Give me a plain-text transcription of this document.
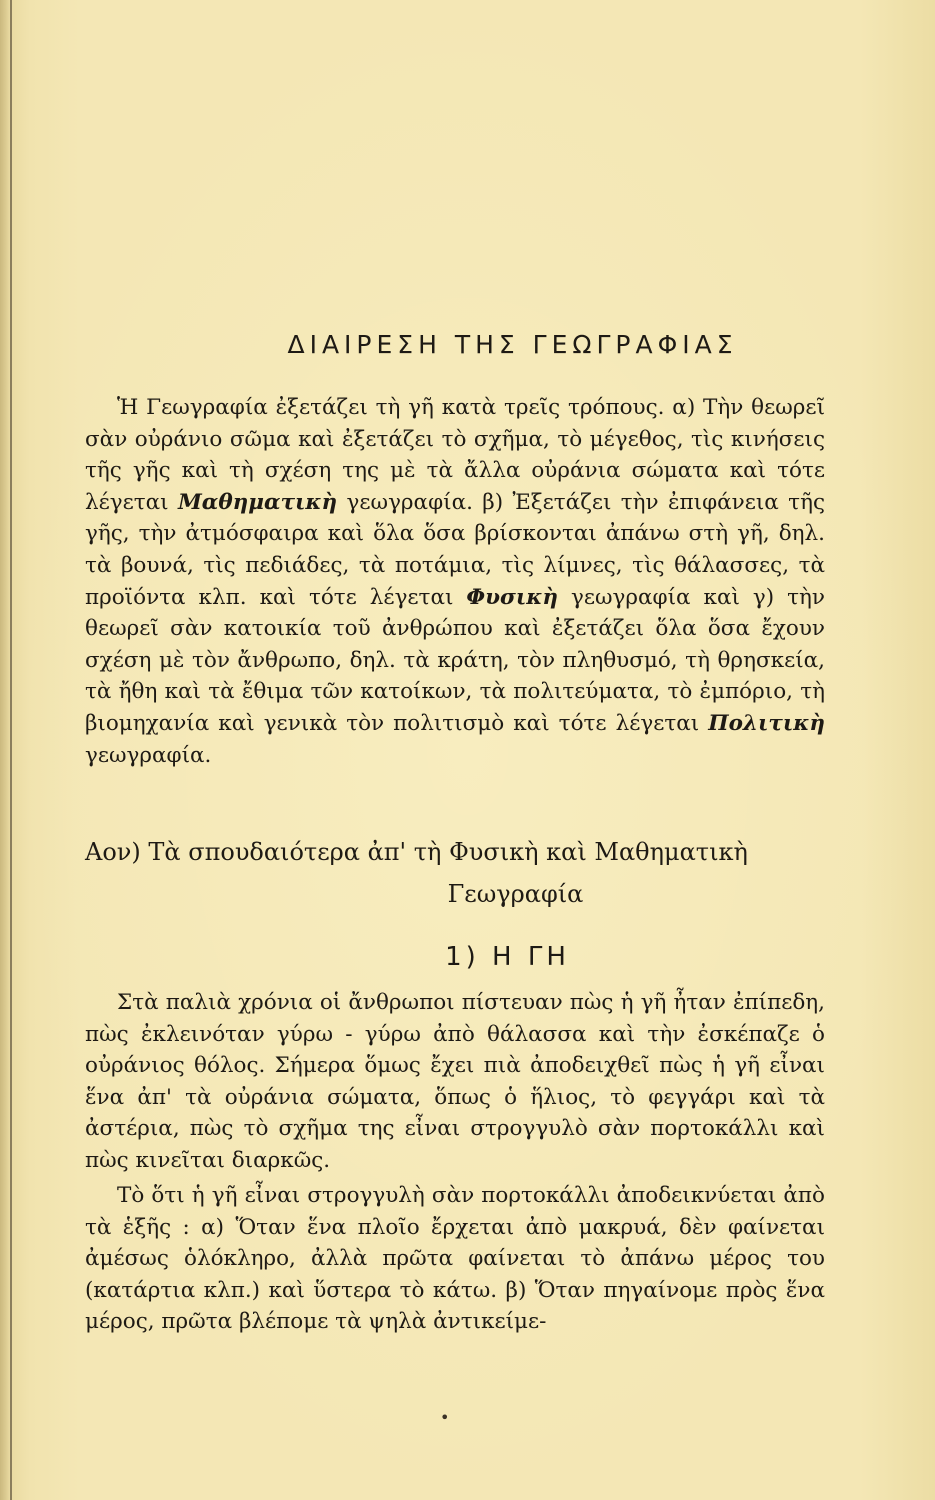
ΔΙΑΙΡΕΣΗ ΤΗΣ ΓΕΩΓΡΑΦΙΑΣ

Ἡ Γεωγραφία ἐξετάζει τὴ γῆ κατὰ τρεῖς τρόπους. α) Τὴν θεωρεῖ σὰν οὐράνιο σῶμα καὶ ἐξετάζει τὸ σχῆμα, τὸ μέγεθος, τὶς κινήσεις τῆς γῆς καὶ τὴ σχέση της μὲ τὰ ἄλλα οὐράνια σώματα καὶ τότε λέγεται Μαθηματικὴ γεωγραφία. β) Ἐξετάζει τὴν ἐπιφάνεια τῆς γῆς, τὴν ἀτμόσφαιρα καὶ ὅλα ὅσα βρίσκονται ἀπάνω στὴ γῆ, δηλ. τὰ βουνά, τὶς πεδιάδες, τὰ ποτάμια, τὶς λίμνες, τὶς θάλασσες, τὰ προϊόντα κλπ. καὶ τότε λέγεται Φυσικὴ γεωγραφία καὶ γ) τὴν θεωρεῖ σὰν κατοικία τοῦ ἀνθρώπου καὶ ἐξετάζει ὅλα ὅσα ἔχουν σχέση μὲ τὸν ἄνθρωπο, δηλ. τὰ κράτη, τὸν πληθυσμό, τὴ θρησκεία, τὰ ἤθη καὶ τὰ ἔθιμα τῶν κατοίκων, τὰ πολιτεύματα, τὸ ἐμπόριο, τὴ βιομηχανία καὶ γενικὰ τὸν πολιτισμὸ καὶ τότε λέγεται Πολιτικὴ γεωγραφία.

Αον) Τὰ σπουδαιότερα ἀπ' τὴ Φυσικὴ καὶ Μαθηματικὴ
Γεωγραφία
1) Η ΓΗ

Στὰ παλιὰ χρόνια οἱ ἄνθρωποι πίστευαν πὼς ἡ γῆ ἦταν ἐπίπεδη, πὼς ἐκλεινόταν γύρω - γύρω ἀπὸ θάλασσα καὶ τὴν ἐσκέπαζε ὁ οὐράνιος θόλος. Σήμερα ὅμως ἔχει πιὰ ἀποδειχθεῖ πὼς ἡ γῆ εἶναι ἕνα ἀπ' τὰ οὐράνια σώματα, ὅπως ὁ ἥλιος, τὸ φεγγάρι καὶ τὰ ἀστέρια, πὼς τὸ σχῆμα της εἶναι στρογγυλὸ σὰν πορτοκάλλι καὶ πὼς κινεῖται διαρκῶς.

Τὸ ὅτι ἡ γῆ εἶναι στρογγυλὴ σὰν πορτοκάλλι ἀποδεικνύεται ἀπὸ τὰ ἑξῆς : α) Ὅταν ἕνα πλοῖο ἔρχεται ἀπὸ μακρυά, δὲν φαίνεται ἀμέσως ὁλόκληρο, ἀλλὰ πρῶτα φαίνεται τὸ ἀπάνω μέρος του (κατάρτια κλπ.) καὶ ὕστερα τὸ κάτω. β) Ὅταν πηγαίνομε πρὸς ἕνα μέρος, πρῶτα βλέπομε τὰ ψηλὰ ἀντικείμε-

•
